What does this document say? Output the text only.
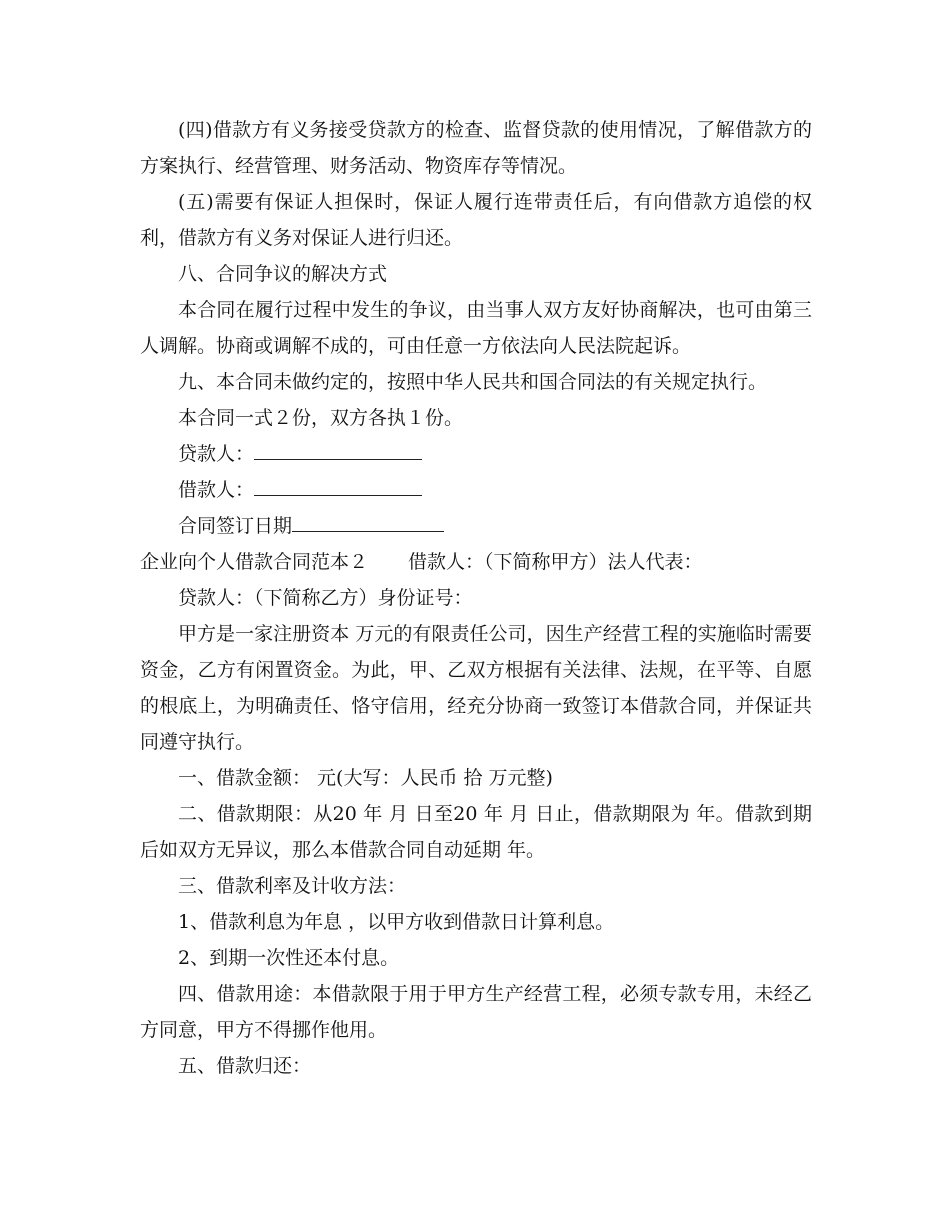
(四)借款方有义务接受贷款方的检查、监督贷款的使用情况，了解借款方的方案执行、经营管理、财务活动、物资库存等情况。

(五)需要有保证人担保时，保证人履行连带责任后，有向借款方追偿的权利，借款方有义务对保证人进行归还。

八、合同争议的解决方式

本合同在履行过程中发生的争议，由当事人双方友好协商解决，也可由第三人调解。协商或调解不成的，可由任意一方依法向人民法院起诉。

九、本合同未做约定的，按照中华人民共和国合同法的有关规定执行。

本合同一式２份，双方各执１份。

贷款人：

借款人：

合同签订日期

企业向个人借款合同范本２ 借款人：（下简称甲方）法人代表：

贷款人：（下简称乙方）身份证号：

甲方是一家注册资本 万元的有限责任公司，因生产经营工程的实施临时需要资金，乙方有闲置资金。为此，甲、乙双方根据有关法律、法规，在平等、自愿的根底上，为明确责任、恪守信用，经充分协商一致签订本借款合同，并保证共同遵守执行。

一、借款金额： 元(大写：人民币 拾 万元整)

二、借款期限：从20 年 月 日至20 年 月 日止，借款期限为 年。借款到期后如双方无异议，那么本借款合同自动延期 年。

三、借款利率及计收方法：

1、借款利息为年息 ，以甲方收到借款日计算利息。

2、到期一次性还本付息。

四、借款用途：本借款限于用于甲方生产经营工程，必须专款专用，未经乙方同意，甲方不得挪作他用。

五、借款归还：
